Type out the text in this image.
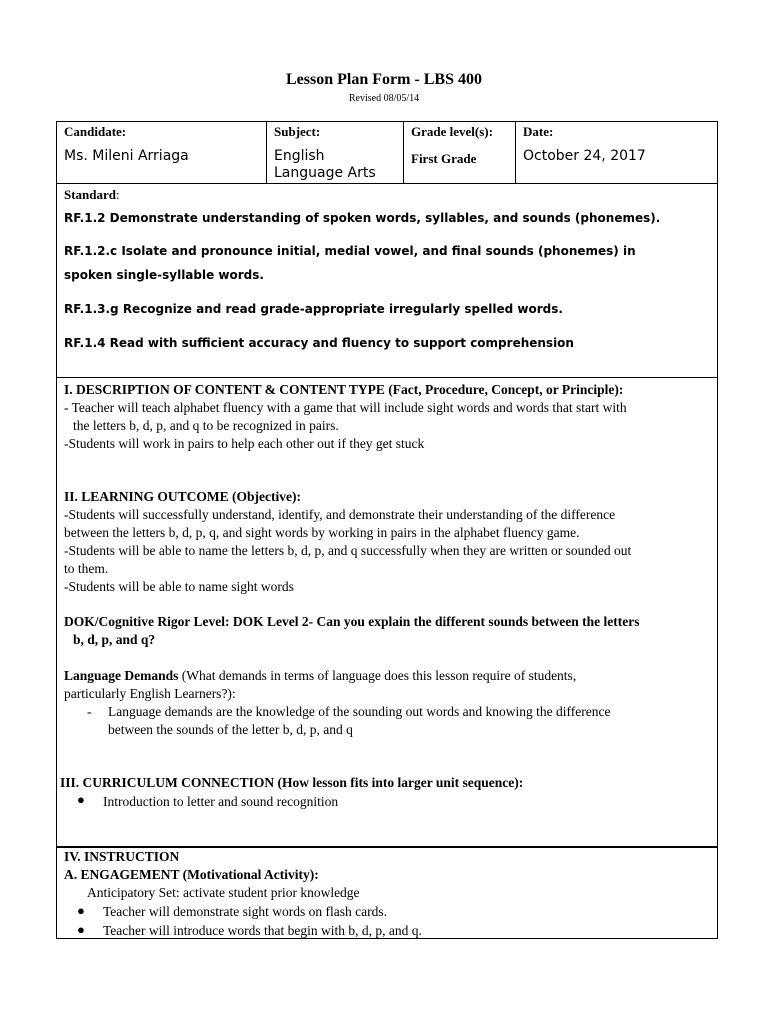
Lesson Plan Form - LBS 400
Revised 08/05/14
Candidate:
Ms. Mileni Arriaga
Subject:
English
Language Arts
Grade level(s):
First Grade
Date:
October 24, 2017
Standard:
RF.1.2 Demonstrate understanding of spoken words, syllables, and sounds (phonemes).
RF.1.2.c Isolate and pronounce initial, medial vowel, and final sounds (phonemes) in
spoken single-syllable words.
RF.1.3.g Recognize and read grade-appropriate irregularly spelled words.
RF.1.4 Read with sufficient accuracy and fluency to support comprehension
I. DESCRIPTION OF CONTENT & CONTENT TYPE (Fact, Procedure, Concept, or Principle):
- Teacher will teach alphabet fluency with a game that will include sight words and words that start with
the letters b, d, p, and q to be recognized in pairs.
-Students will work in pairs to help each other out if they get stuck
II. LEARNING OUTCOME (Objective):
-Students will successfully understand, identify, and demonstrate their understanding of the difference
between the letters b, d, p, q, and sight words by working in pairs in the alphabet fluency game.
-Students will be able to name the letters b, d, p, and q successfully when they are written or sounded out
to them.
-Students will be able to name sight words
DOK/Cognitive Rigor Level: DOK Level 2- Can you explain the different sounds between the letters
b, d, p, and q?
Language Demands (What demands in terms of language does this lesson require of students,
particularly English Learners?):
- Language demands are the knowledge of the sounding out words and knowing the difference
between the sounds of the letter b, d, p, and q
III. CURRICULUM CONNECTION (How lesson fits into larger unit sequence):
● Introduction to letter and sound recognition
IV. INSTRUCTION
A. ENGAGEMENT (Motivational Activity):
Anticipatory Set: activate student prior knowledge
● Teacher will demonstrate sight words on flash cards.
● Teacher will introduce words that begin with b, d, p, and q.
